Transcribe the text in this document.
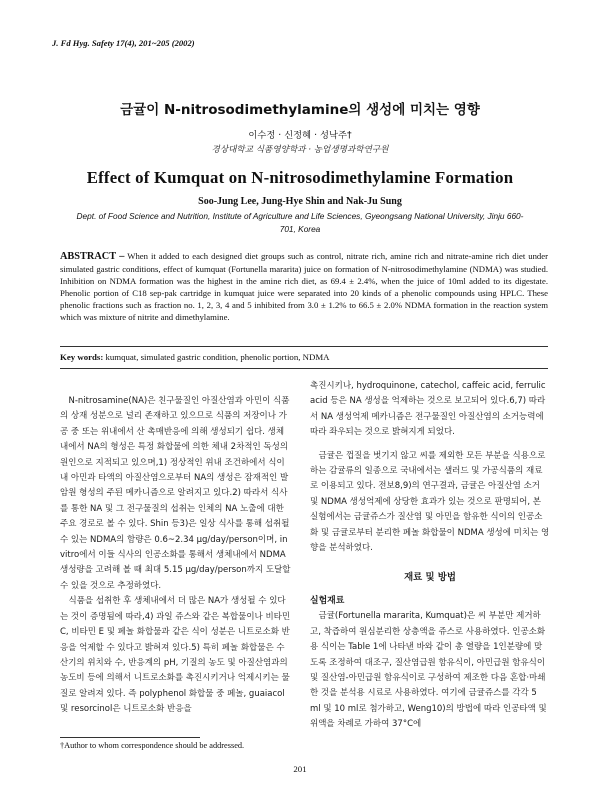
J. Fd Hyg. Safety 17(4), 201~205 (2002)
금귤이 N-nitrosodimethylamine의 생성에 미치는 영향
이수정 · 신정혜 · 성낙주†
경상대학교 식품영양학과 · 농업생명과학연구원
Effect of Kumquat on N-nitrosodimethylamine Formation
Soo-Jung Lee, Jung-Hye Shin and Nak-Ju Sung
Dept. of Food Science and Nutrition, Institute of Agriculture and Life Sciences, Gyeongsang National University, Jinju 660-701, Korea
ABSTRACT – When it added to each designed diet groups such as control, nitrate rich, amine rich and nitrate-amine rich diet under simulated gastric conditions, effect of kumquat (Fortunella mararita) juice on formation of N-nitrosodimethylamine (NDMA) was studied. Inhibition on NDMA formation was the highest in the amine rich diet, as 69.4 ± 2.4%, when the juice of 10ml added to its digestate. Phenolic portion of C18 sep-pak cartridge in kumquat juice were separated into 20 kinds of a phenolic compounds using HPLC. These phenolic fractions such as fraction no. 1, 2, 3, 4 and 5 inhibited from 3.0 ± 1.2% to 66.5 ± 2.0% NDMA formation in the reaction system which was mixture of nitrite and dimethylamine.
Key words: kumquat, simulated gastric condition, phenolic portion, NDMA

N-nitrosamine(NA)은 친구물질인 아질산염과 아민이 식품의 상재 성분으로 널리 존재하고 있으므로 식품의 저장이나 가공 중 또는 위내에서 산 촉매반응에 의해 생성되기 쉽다. 생체내에서 NA의 형성은 특정 화합물에 의한 체내 2차적인 독성의 원인으로 지적되고 있으며,1) 정상적인 위내 조건하에서 식이내 아민과 타액의 아질산염으로부터 NA의 생성은 잠재적인 발암원 형성의 주된 메카니즘으로 알려지고 있다.2) 따라서 식사를 통한 NA 및 그 전구물질의 섭취는 인체의 NA 노출에 대한 주요 경로로 볼 수 있다. Shin 등3)은 일상 식사를 통해 섭취될 수 있는 NDMA의 함량은 0.6~2.34 μg/day/person이며, in vitro에서 이들 식사의 인공소화를 통해서 생체내에서 NDMA 생성량을 고려해 볼 때 최대 5.15 μg/day/person까지 도달할 수 있을 것으로 추정하였다.

식품을 섭취한 후 생체내에서 더 많은 NA가 생성될 수 있다는 것이 증명됨에 따라,4) 과일 쥬스와 같은 복합물이나 비타민 C, 비타민 E 및 페놀 화합물과 같은 식이 성분은 니트로소화 반응을 억제할 수 있다고 밝혀져 있다.5) 특히 페놀 화합물은 수산기의 위치와 수, 반응계의 pH, 기질의 농도 및 아질산염과의 농도비 등에 의해서 니트로소화를 촉진시키거나 억제시키는 물질로 알려져 있다. 즉 polyphenol 화합물 중 페놀, guaiacol 및 resorcinol은 니트로소화 반응을

촉진시키나, hydroquinone, catechol, caffeic acid, ferrulic acid 등은 NA 생성을 억제하는 것으로 보고되어 있다.6,7) 따라서 NA 생성억제 메카니즘은 전구물질인 아질산염의 소거능력에 따라 좌우되는 것으로 밝혀지게 되었다.

금귤은 껍질을 벗기지 않고 씨를 제외한 모든 부분을 식용으로 하는 감귤류의 일종으로 국내에서는 샐러드 및 가공식품의 재료로 이용되고 있다. 전보8,9)의 연구결과, 금귤은 아질산염 소거 및 NDMA 생성억제에 상당한 효과가 있는 것으로 판명되어, 본 실험에서는 금귤쥬스가 질산염 및 아민을 함유한 식이의 인공소화 및 금귤로부터 분리한 페놀 화합물이 NDMA 생성에 미치는 영향을 분석하였다.

재료 및 방법
실험재료

금귤(Fortunella mararita, Kumquat)은 씨 부분만 제거하고, 착즙하여 원심분리한 상층액을 쥬스로 사용하였다. 인공소화용 식이는 Table 1에 나타낸 바와 같이 총 열량을 1인분량에 맞도록 조정하여 대조구, 질산염급원 함유식이, 아민급원 함유식이 및 질산염-아민급원 함유식이로 구성하여 제조한 다음 혼합·마쇄한 것을 분석용 시료로 사용하였다. 여기에 금귤쥬스를 각각 5 ml 및 10 ml로 첨가하고, Weng10)의 방법에 따라 인공타액 및 위액을 차례로 가하여 37°C에

†Author to whom correspondence should be addressed.
201
